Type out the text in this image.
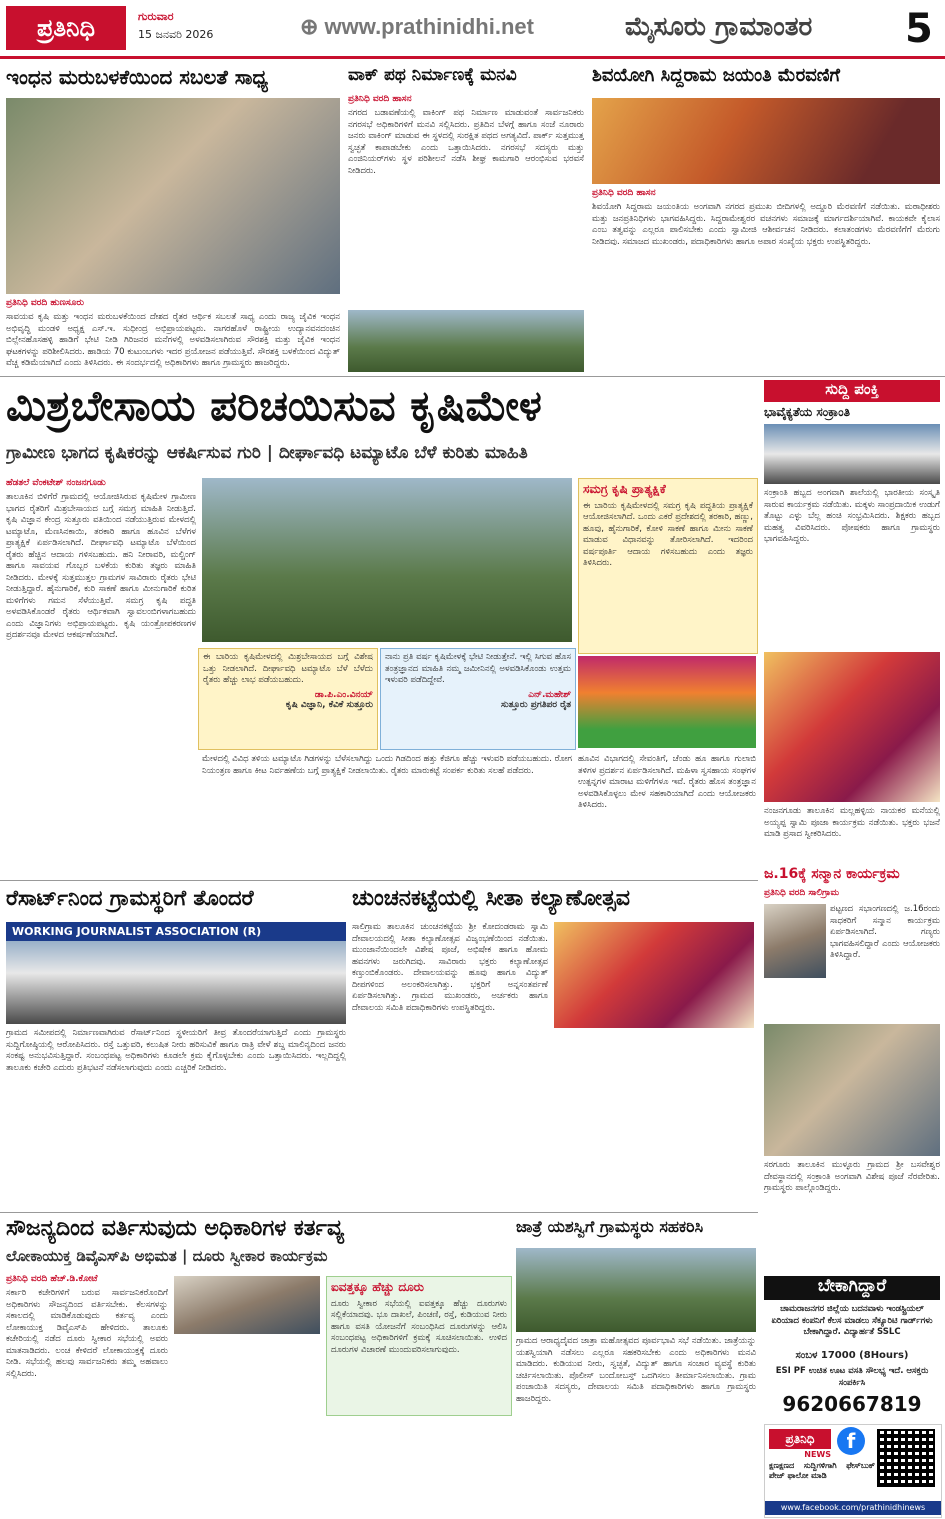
ಪ್ರತಿನಿಧಿ	ಗುರುವಾರ
15 ಜನವರಿ 2026	⊕ www.prathinidhi.net	ಮೈಸೂರು ಗ್ರಾಮಾಂತರ	5
ಇಂಧನ ಮರುಬಳಕೆಯಿಂದ ಸಬಲತೆ ಸಾಧ್ಯ
ಪ್ರತಿನಿಧಿ ವರದಿ ಹುಣಸೂರು
ಸಾವಯವ ಕೃಷಿ ಮತ್ತು ಇಂಧನ ಮರುಬಳಕೆಯಿಂದ ದೇಶದ ರೈತರ ಆರ್ಥಿಕ ಸಬಲತೆ ಸಾಧ್ಯ ಎಂದು ರಾಜ್ಯ ಜೈವಿಕ ಇಂಧನ ಅಭಿವೃದ್ಧಿ ಮಂಡಳಿ ಅಧ್ಯಕ್ಷ ಎಸ್.ಇ. ಸುಧೀಂದ್ರ ಅಭಿಪ್ರಾಯಪಟ್ಟರು. ನಾಗರಹೊಳೆ ರಾಷ್ಟ್ರೀಯ ಉದ್ಯಾನವನದಂಚಿನ ಬಿಲ್ಲೇನಹೊಸಹಳ್ಳಿ ಹಾಡಿಗೆ ಭೇಟಿ ನೀಡಿ ಗಿರಿಜನರ ಮನೆಗಳಲ್ಲಿ ಅಳವಡಿಸಲಾಗಿರುವ ಸೌರಶಕ್ತಿ ಮತ್ತು ಜೈವಿಕ ಇಂಧನ ಘಟಕಗಳನ್ನು ಪರಿಶೀಲಿಸಿದರು. ಹಾಡಿಯ 70 ಕುಟುಂಬಗಳು ಇದರ ಪ್ರಯೋಜನ ಪಡೆಯುತ್ತಿವೆ. ಸೌರಶಕ್ತಿ ಬಳಕೆಯಿಂದ ವಿದ್ಯುತ್ ವೆಚ್ಚ ಕಡಿಮೆಯಾಗಿದೆ ಎಂದು ತಿಳಿಸಿದರು. ಈ ಸಂದರ್ಭದಲ್ಲಿ ಅಧಿಕಾರಿಗಳು ಹಾಗೂ ಗ್ರಾಮಸ್ಥರು ಹಾಜರಿದ್ದರು.
ವಾಕ್ ಪಥ ನಿರ್ಮಾಣಕ್ಕೆ ಮನವಿ
ಪ್ರತಿನಿಧಿ ವರದಿ ಹಾಸನ
ನಗರದ ಬಡಾವಣೆಯಲ್ಲಿ ವಾಕಿಂಗ್ ಪಥ ನಿರ್ಮಾಣ ಮಾಡುವಂತೆ ಸಾರ್ವಜನಿಕರು ನಗರಸಭೆ ಅಧಿಕಾರಿಗಳಿಗೆ ಮನವಿ ಸಲ್ಲಿಸಿದರು. ಪ್ರತಿದಿನ ಬೆಳಗ್ಗೆ ಹಾಗೂ ಸಂಜೆ ನೂರಾರು ಜನರು ವಾಕಿಂಗ್ ಮಾಡುವ ಈ ಸ್ಥಳದಲ್ಲಿ ಸುರಕ್ಷಿತ ಪಥದ ಅಗತ್ಯವಿದೆ. ಪಾರ್ಕ್ ಸುತ್ತಮುತ್ತ ಸ್ವಚ್ಛತೆ ಕಾಪಾಡಬೇಕು ಎಂದು ಒತ್ತಾಯಿಸಿದರು. ನಗರಸಭೆ ಸದಸ್ಯರು ಮತ್ತು ಎಂಜಿನಿಯರ್‌ಗಳು ಸ್ಥಳ ಪರಿಶೀಲನೆ ನಡೆಸಿ ಶೀಘ್ರ ಕಾಮಗಾರಿ ಆರಂಭಿಸುವ ಭರವಸೆ ನೀಡಿದರು.
ಶಿವಯೋಗಿ ಸಿದ್ದರಾಮ ಜಯಂತಿ ಮೆರವಣಿಗೆ
ಪ್ರತಿನಿಧಿ ವರದಿ ಹಾಸನ
ಶಿವಯೋಗಿ ಸಿದ್ದರಾಮ ಜಯಂತಿಯ ಅಂಗವಾಗಿ ನಗರದ ಪ್ರಮುಖ ಬೀದಿಗಳಲ್ಲಿ ಅದ್ದೂರಿ ಮೆರವಣಿಗೆ ನಡೆಯಿತು. ಮಠಾಧೀಶರು ಮತ್ತು ಜನಪ್ರತಿನಿಧಿಗಳು ಭಾಗವಹಿಸಿದ್ದರು. ಸಿದ್ದರಾಮೇಶ್ವರರ ವಚನಗಳು ಸಮಾಜಕ್ಕೆ ಮಾರ್ಗದರ್ಶಿಯಾಗಿವೆ. ಕಾಯಕವೇ ಕೈಲಾಸ ಎಂಬ ತತ್ವವನ್ನು ಎಲ್ಲರೂ ಪಾಲಿಸಬೇಕು ಎಂದು ಸ್ವಾಮೀಜಿ ಆಶೀರ್ವಚನ ನೀಡಿದರು. ಕಲಾತಂಡಗಳು ಮೆರವಣಿಗೆಗೆ ಮೆರುಗು ನೀಡಿದವು. ಸಮಾಜದ ಮುಖಂಡರು, ಪದಾಧಿಕಾರಿಗಳು ಹಾಗೂ ಅಪಾರ ಸಂಖ್ಯೆಯ ಭಕ್ತರು ಉಪಸ್ಥಿತರಿದ್ದರು.
ಮಿಶ್ರಬೇಸಾಯ ಪರಿಚಯಿಸುವ ಕೃಷಿಮೇಳ
ಗ್ರಾಮೀಣ ಭಾಗದ ಕೃಷಿಕರನ್ನು ಆಕರ್ಷಿಸುವ ಗುರಿ | ದೀರ್ಘಾವಧಿ ಟಮ್ಯಾಟೊ ಬೆಳೆ ಕುರಿತು ಮಾಹಿತಿ
ಹೆಡತಲೆ ವೆಂಕಟೇಶ್ ನಂಜನಗೂಡು
ತಾಲೂಕಿನ ಬಿಳಿಗೆರೆ ಗ್ರಾಮದಲ್ಲಿ ಆಯೋಜಿಸಿರುವ ಕೃಷಿಮೇಳ ಗ್ರಾಮೀಣ ಭಾಗದ ರೈತರಿಗೆ ಮಿಶ್ರಬೇಸಾಯದ ಬಗ್ಗೆ ಸಮಗ್ರ ಮಾಹಿತಿ ನೀಡುತ್ತಿದೆ. ಕೃಷಿ ವಿಜ್ಞಾನ ಕೇಂದ್ರ ಸುತ್ತೂರು ವತಿಯಿಂದ ನಡೆಯುತ್ತಿರುವ ಮೇಳದಲ್ಲಿ ಟಮ್ಯಾಟೊ, ಮೆಣಸಿನಕಾಯಿ, ತರಕಾರಿ ಹಾಗೂ ಹೂವಿನ ಬೆಳೆಗಳ ಪ್ರಾತ್ಯಕ್ಷಿಕೆ ಏರ್ಪಡಿಸಲಾಗಿದೆ. ದೀರ್ಘಾವಧಿ ಟಮ್ಯಾಟೊ ಬೆಳೆಯಿಂದ ರೈತರು ಹೆಚ್ಚಿನ ಆದಾಯ ಗಳಿಸಬಹುದು. ಹನಿ ನೀರಾವರಿ, ಮಲ್ಚಿಂಗ್ ಹಾಗೂ ಸಾವಯವ ಗೊಬ್ಬರ ಬಳಕೆಯ ಕುರಿತು ತಜ್ಞರು ಮಾಹಿತಿ ನೀಡಿದರು. ಮೇಳಕ್ಕೆ ಸುತ್ತಮುತ್ತಲ ಗ್ರಾಮಗಳ ಸಾವಿರಾರು ರೈತರು ಭೇಟಿ ನೀಡುತ್ತಿದ್ದಾರೆ. ಹೈನುಗಾರಿಕೆ, ಕುರಿ ಸಾಕಣೆ ಹಾಗೂ ಮೀನುಗಾರಿಕೆ ಕುರಿತ ಮಳಿಗೆಗಳು ಗಮನ ಸೆಳೆಯುತ್ತಿವೆ. ಸಮಗ್ರ ಕೃಷಿ ಪದ್ಧತಿ ಅಳವಡಿಸಿಕೊಂಡರೆ ರೈತರು ಆರ್ಥಿಕವಾಗಿ ಸ್ವಾವಲಂಬಿಗಳಾಗಬಹುದು ಎಂದು ವಿಜ್ಞಾನಿಗಳು ಅಭಿಪ್ರಾಯಪಟ್ಟರು. ಕೃಷಿ ಯಂತ್ರೋಪಕರಣಗಳ ಪ್ರದರ್ಶನವೂ ಮೇಳದ ಆಕರ್ಷಣೆಯಾಗಿದೆ.
ಸಮಗ್ರ ಕೃಷಿ ಪ್ರಾತ್ಯಕ್ಷಿಕೆ
ಈ ಬಾರಿಯ ಕೃಷಿಮೇಳದಲ್ಲಿ ಸಮಗ್ರ ಕೃಷಿ ಪದ್ಧತಿಯ ಪ್ರಾತ್ಯಕ್ಷಿಕೆ ಆಯೋಜಿಸಲಾಗಿದೆ. ಒಂದು ಎಕರೆ ಪ್ರದೇಶದಲ್ಲಿ ತರಕಾರಿ, ಹಣ್ಣು, ಹೂವು, ಹೈನುಗಾರಿಕೆ, ಕೋಳಿ ಸಾಕಣೆ ಹಾಗೂ ಮೀನು ಸಾಕಣೆ ಮಾಡುವ ವಿಧಾನವನ್ನು ತೋರಿಸಲಾಗಿದೆ. ಇದರಿಂದ ವರ್ಷಪೂರ್ತಿ ಆದಾಯ ಗಳಿಸಬಹುದು ಎಂದು ತಜ್ಞರು ತಿಳಿಸಿದರು.
ಈ ಬಾರಿಯ ಕೃಷಿಮೇಳದಲ್ಲಿ ಮಿಶ್ರಬೇಸಾಯದ ಬಗ್ಗೆ ವಿಶೇಷ ಒತ್ತು ನೀಡಲಾಗಿದೆ. ದೀರ್ಘಾವಧಿ ಟಮ್ಯಾಟೊ ಬೆಳೆ ಬೆಳೆದು ರೈತರು ಹೆಚ್ಚು ಲಾಭ ಪಡೆಯಬಹುದು.
ಡಾ.ಪಿ.ಎಂ.ವಿನಯ್
ಕೃಷಿ ವಿಜ್ಞಾನಿ, ಕೆವಿಕೆ ಸುತ್ತೂರು
ನಾನು ಪ್ರತಿ ವರ್ಷ ಕೃಷಿಮೇಳಕ್ಕೆ ಭೇಟಿ ನೀಡುತ್ತೇನೆ. ಇಲ್ಲಿ ಸಿಗುವ ಹೊಸ ತಂತ್ರಜ್ಞಾನದ ಮಾಹಿತಿ ನಮ್ಮ ಜಮೀನಿನಲ್ಲಿ ಅಳವಡಿಸಿಕೊಂಡು ಉತ್ತಮ ಇಳುವರಿ ಪಡೆದಿದ್ದೇವೆ.
ಎನ್.ಮಹೇಶ್
ಸುತ್ತೂರು ಪ್ರಗತಿಪರ ರೈತ
ಮೇಳದಲ್ಲಿ ವಿವಿಧ ತಳಿಯ ಟಮ್ಯಾಟೊ ಗಿಡಗಳನ್ನು ಬೆಳೆಸಲಾಗಿದ್ದು ಒಂದು ಗಿಡದಿಂದ ಹತ್ತು ಕೆಜಿಗೂ ಹೆಚ್ಚು ಇಳುವರಿ ಪಡೆಯಬಹುದು. ರೋಗ ನಿಯಂತ್ರಣ ಹಾಗೂ ಕೀಟ ನಿರ್ವಹಣೆಯ ಬಗ್ಗೆ ಪ್ರಾತ್ಯಕ್ಷಿಕೆ ನೀಡಲಾಯಿತು. ರೈತರು ಮಾರುಕಟ್ಟೆ ಸಂಪರ್ಕ ಕುರಿತು ಸಲಹೆ ಪಡೆದರು.
ಹೂವಿನ ವಿಭಾಗದಲ್ಲಿ ಸೇವಂತಿಗೆ, ಚೆಂಡು ಹೂ ಹಾಗೂ ಗುಲಾಬಿ ತಳಿಗಳ ಪ್ರದರ್ಶನ ಏರ್ಪಡಿಸಲಾಗಿದೆ. ಮಹಿಳಾ ಸ್ವಸಹಾಯ ಸಂಘಗಳ ಉತ್ಪನ್ನಗಳ ಮಾರಾಟ ಮಳಿಗೆಗಳೂ ಇವೆ. ರೈತರು ಹೊಸ ತಂತ್ರಜ್ಞಾನ ಅಳವಡಿಸಿಕೊಳ್ಳಲು ಮೇಳ ಸಹಕಾರಿಯಾಗಿದೆ ಎಂದು ಆಯೋಜಕರು ತಿಳಿಸಿದರು.
ಸುದ್ದಿ ಪಂಕ್ತಿ
ಭಾವೈಕ್ಯತೆಯ ಸಂಕ್ರಾಂತಿ
ಸಂಕ್ರಾಂತಿ ಹಬ್ಬದ ಅಂಗವಾಗಿ ಶಾಲೆಯಲ್ಲಿ ಭಾರತೀಯ ಸಂಸ್ಕೃತಿ ಸಾರುವ ಕಾರ್ಯಕ್ರಮ ನಡೆಯಿತು. ಮಕ್ಕಳು ಸಾಂಪ್ರದಾಯಿಕ ಉಡುಗೆ ತೊಟ್ಟು ಎಳ್ಳು ಬೆಲ್ಲ ಹಂಚಿ ಸಂಭ್ರಮಿಸಿದರು. ಶಿಕ್ಷಕರು ಹಬ್ಬದ ಮಹತ್ವ ವಿವರಿಸಿದರು. ಪೋಷಕರು ಹಾಗೂ ಗ್ರಾಮಸ್ಥರು ಭಾಗವಹಿಸಿದ್ದರು.
ನಂಜನಗೂಡು ತಾಲೂಕಿನ ಮಲ್ಲಹಳ್ಳಿಯ ನಾಯಕರ ಮನೆಯಲ್ಲಿ ಅಯ್ಯಪ್ಪ ಸ್ವಾಮಿ ಪೂಜಾ ಕಾರ್ಯಕ್ರಮ ನಡೆಯಿತು. ಭಕ್ತರು ಭಜನೆ ಮಾಡಿ ಪ್ರಸಾದ ಸ್ವೀಕರಿಸಿದರು.
ಜ.16ಕ್ಕೆ ಸನ್ಮಾನ ಕಾರ್ಯಕ್ರಮ
ಪ್ರತಿನಿಧಿ ವರದಿ ಸಾಲಿಗ್ರಾಮ
ಪಟ್ಟಣದ ಸಭಾಂಗಣದಲ್ಲಿ ಜ.16ರಂದು ಸಾಧಕರಿಗೆ ಸನ್ಮಾನ ಕಾರ್ಯಕ್ರಮ ಏರ್ಪಡಿಸಲಾಗಿದೆ. ಗಣ್ಯರು ಭಾಗವಹಿಸಲಿದ್ದಾರೆ ಎಂದು ಆಯೋಜಕರು ತಿಳಿಸಿದ್ದಾರೆ.
ಸರಗೂರು ತಾಲೂಕಿನ ಮುಳ್ಳೂರು ಗ್ರಾಮದ ಶ್ರೀ ಬಸವೇಶ್ವರ ದೇವಸ್ಥಾನದಲ್ಲಿ ಸಂಕ್ರಾಂತಿ ಅಂಗವಾಗಿ ವಿಶೇಷ ಪೂಜೆ ನೆರವೇರಿತು. ಗ್ರಾಮಸ್ಥರು ಪಾಲ್ಗೊಂಡಿದ್ದರು.
ರೆಸಾರ್ಟ್‌ನಿಂದ ಗ್ರಾಮಸ್ಥರಿಗೆ ತೊಂದರೆ
WORKING JOURNALIST ASSOCIATION (R)
ಗ್ರಾಮದ ಸಮೀಪದಲ್ಲಿ ನಿರ್ಮಾಣವಾಗಿರುವ ರೆಸಾರ್ಟ್‌ನಿಂದ ಸ್ಥಳೀಯರಿಗೆ ತೀವ್ರ ತೊಂದರೆಯಾಗುತ್ತಿದೆ ಎಂದು ಗ್ರಾಮಸ್ಥರು ಸುದ್ದಿಗೋಷ್ಠಿಯಲ್ಲಿ ಆರೋಪಿಸಿದರು. ರಸ್ತೆ ಒತ್ತುವರಿ, ಕಲುಷಿತ ನೀರು ಹರಿಸುವಿಕೆ ಹಾಗೂ ರಾತ್ರಿ ವೇಳೆ ಶಬ್ದ ಮಾಲಿನ್ಯದಿಂದ ಜನರು ಸಂಕಷ್ಟ ಅನುಭವಿಸುತ್ತಿದ್ದಾರೆ. ಸಂಬಂಧಪಟ್ಟ ಅಧಿಕಾರಿಗಳು ಕೂಡಲೇ ಕ್ರಮ ಕೈಗೊಳ್ಳಬೇಕು ಎಂದು ಒತ್ತಾಯಿಸಿದರು. ಇಲ್ಲದಿದ್ದಲ್ಲಿ ತಾಲೂಕು ಕಚೇರಿ ಎದುರು ಪ್ರತಿಭಟನೆ ನಡೆಸಲಾಗುವುದು ಎಂದು ಎಚ್ಚರಿಕೆ ನೀಡಿದರು.
ಚುಂಚನಕಟ್ಟೆಯಲ್ಲಿ ಸೀತಾ ಕಲ್ಯಾಣೋತ್ಸವ
ಸಾಲಿಗ್ರಾಮ ತಾಲೂಕಿನ ಚುಂಚನಕಟ್ಟೆಯ ಶ್ರೀ ಕೋದಂಡರಾಮ ಸ್ವಾಮಿ ದೇವಾಲಯದಲ್ಲಿ ಸೀತಾ ಕಲ್ಯಾಣೋತ್ಸವ ವಿಜೃಂಭಣೆಯಿಂದ ನಡೆಯಿತು. ಮುಂಜಾನೆಯಿಂದಲೇ ವಿಶೇಷ ಪೂಜೆ, ಅಭಿಷೇಕ ಹಾಗೂ ಹೋಮ ಹವನಗಳು ಜರುಗಿದವು. ಸಾವಿರಾರು ಭಕ್ತರು ಕಲ್ಯಾಣೋತ್ಸವ ಕಣ್ತುಂಬಿಕೊಂಡರು. ದೇವಾಲಯವನ್ನು ಹೂವು ಹಾಗೂ ವಿದ್ಯುತ್ ದೀಪಗಳಿಂದ ಅಲಂಕರಿಸಲಾಗಿತ್ತು. ಭಕ್ತರಿಗೆ ಅನ್ನಸಂತರ್ಪಣೆ ಏರ್ಪಡಿಸಲಾಗಿತ್ತು. ಗ್ರಾಮದ ಮುಖಂಡರು, ಅರ್ಚಕರು ಹಾಗೂ ದೇವಾಲಯ ಸಮಿತಿ ಪದಾಧಿಕಾರಿಗಳು ಉಪಸ್ಥಿತರಿದ್ದರು.
ಸೌಜನ್ಯದಿಂದ ವರ್ತಿಸುವುದು ಅಧಿಕಾರಿಗಳ ಕರ್ತವ್ಯ
ಲೋಕಾಯುಕ್ತ ಡಿವೈಎಸ್‌ಪಿ ಅಭಿಮತ | ದೂರು ಸ್ವೀಕಾರ ಕಾರ್ಯಕ್ರಮ
ಪ್ರತಿನಿಧಿ ವರದಿ ಹೆಚ್.ಡಿ.ಕೋಟೆ
ಸರ್ಕಾರಿ ಕಚೇರಿಗಳಿಗೆ ಬರುವ ಸಾರ್ವಜನಿಕರೊಂದಿಗೆ ಅಧಿಕಾರಿಗಳು ಸೌಜನ್ಯದಿಂದ ವರ್ತಿಸಬೇಕು. ಕೆಲಸಗಳನ್ನು ಸಕಾಲದಲ್ಲಿ ಮಾಡಿಕೊಡುವುದು ಕರ್ತವ್ಯ ಎಂದು ಲೋಕಾಯುಕ್ತ ಡಿವೈಎಸ್‌ಪಿ ಹೇಳಿದರು. ತಾಲೂಕು ಕಚೇರಿಯಲ್ಲಿ ನಡೆದ ದೂರು ಸ್ವೀಕಾರ ಸಭೆಯಲ್ಲಿ ಅವರು ಮಾತನಾಡಿದರು. ಲಂಚ ಕೇಳಿದರೆ ಲೋಕಾಯುಕ್ತಕ್ಕೆ ದೂರು ನೀಡಿ. ಸಭೆಯಲ್ಲಿ ಹಲವು ಸಾರ್ವಜನಿಕರು ತಮ್ಮ ಅಹವಾಲು ಸಲ್ಲಿಸಿದರು.
ಐವತ್ತಕ್ಕೂ ಹೆಚ್ಚು ದೂರು
ದೂರು ಸ್ವೀಕಾರ ಸಭೆಯಲ್ಲಿ ಐವತ್ತಕ್ಕೂ ಹೆಚ್ಚು ದೂರುಗಳು ಸಲ್ಲಿಕೆಯಾದವು. ಭೂ ದಾಖಲೆ, ಪಿಂಚಣಿ, ರಸ್ತೆ, ಕುಡಿಯುವ ನೀರು ಹಾಗೂ ವಸತಿ ಯೋಜನೆಗೆ ಸಂಬಂಧಿಸಿದ ದೂರುಗಳನ್ನು ಆಲಿಸಿ ಸಂಬಂಧಪಟ್ಟ ಅಧಿಕಾರಿಗಳಿಗೆ ಕ್ರಮಕ್ಕೆ ಸೂಚಿಸಲಾಯಿತು. ಉಳಿದ ದೂರುಗಳ ವಿಚಾರಣೆ ಮುಂದುವರಿಸಲಾಗುವುದು.
ಜಾತ್ರೆ ಯಶಸ್ವಿಗೆ ಗ್ರಾಮಸ್ಥರು ಸಹಕರಿಸಿ
ಗ್ರಾಮದ ಆರಾಧ್ಯದೈವದ ಜಾತ್ರಾ ಮಹೋತ್ಸವದ ಪೂರ್ವಭಾವಿ ಸಭೆ ನಡೆಯಿತು. ಜಾತ್ರೆಯನ್ನು ಯಶಸ್ವಿಯಾಗಿ ನಡೆಸಲು ಎಲ್ಲರೂ ಸಹಕರಿಸಬೇಕು ಎಂದು ಅಧಿಕಾರಿಗಳು ಮನವಿ ಮಾಡಿದರು. ಕುಡಿಯುವ ನೀರು, ಸ್ವಚ್ಛತೆ, ವಿದ್ಯುತ್ ಹಾಗೂ ಸಂಚಾರ ವ್ಯವಸ್ಥೆ ಕುರಿತು ಚರ್ಚಿಸಲಾಯಿತು. ಪೊಲೀಸ್ ಬಂದೋಬಸ್ತ್ ಒದಗಿಸಲು ತೀರ್ಮಾನಿಸಲಾಯಿತು. ಗ್ರಾಮ ಪಂಚಾಯಿತಿ ಸದಸ್ಯರು, ದೇವಾಲಯ ಸಮಿತಿ ಪದಾಧಿಕಾರಿಗಳು ಹಾಗೂ ಗ್ರಾಮಸ್ಥರು ಹಾಜರಿದ್ದರು.
ಬೇಕಾಗಿದ್ದಾರೆ
ಚಾಮರಾಜನಗರ ಜಿಲ್ಲೆಯ ಬದನವಾಳು ಇಂಡಸ್ಟ್ರಿಯಲ್ ಏರಿಯಾದ ಕಂಪನಿಗೆ ಕೆಲಸ ಮಾಡಲು ಸೆಕ್ಯೂರಿಟಿ ಗಾರ್ಡ್‌ಗಳು ಬೇಕಾಗಿದ್ದಾರೆ. ವಿದ್ಯಾರ್ಹತೆ SSLC
ಸಂಬಳ 17000 (8Hours)
ESI PF ಉಚಿತ ಊಟ ವಸತಿ ಸೌಲಭ್ಯ ಇದೆ. ಆಸಕ್ತರು ಸಂಪರ್ಕಿಸಿ
9620667819
ಪ್ರತಿನಿಧಿ
NEWS
f
ಕ್ಷಣಕ್ಷಣದ ಸುದ್ದಿಗಳಿಗಾಗಿ ಫೇಸ್‌ಬುಕ್ ಪೇಜ್ ಫಾಲೋ ಮಾಡಿ
www.facebook.com/prathinidhinews
